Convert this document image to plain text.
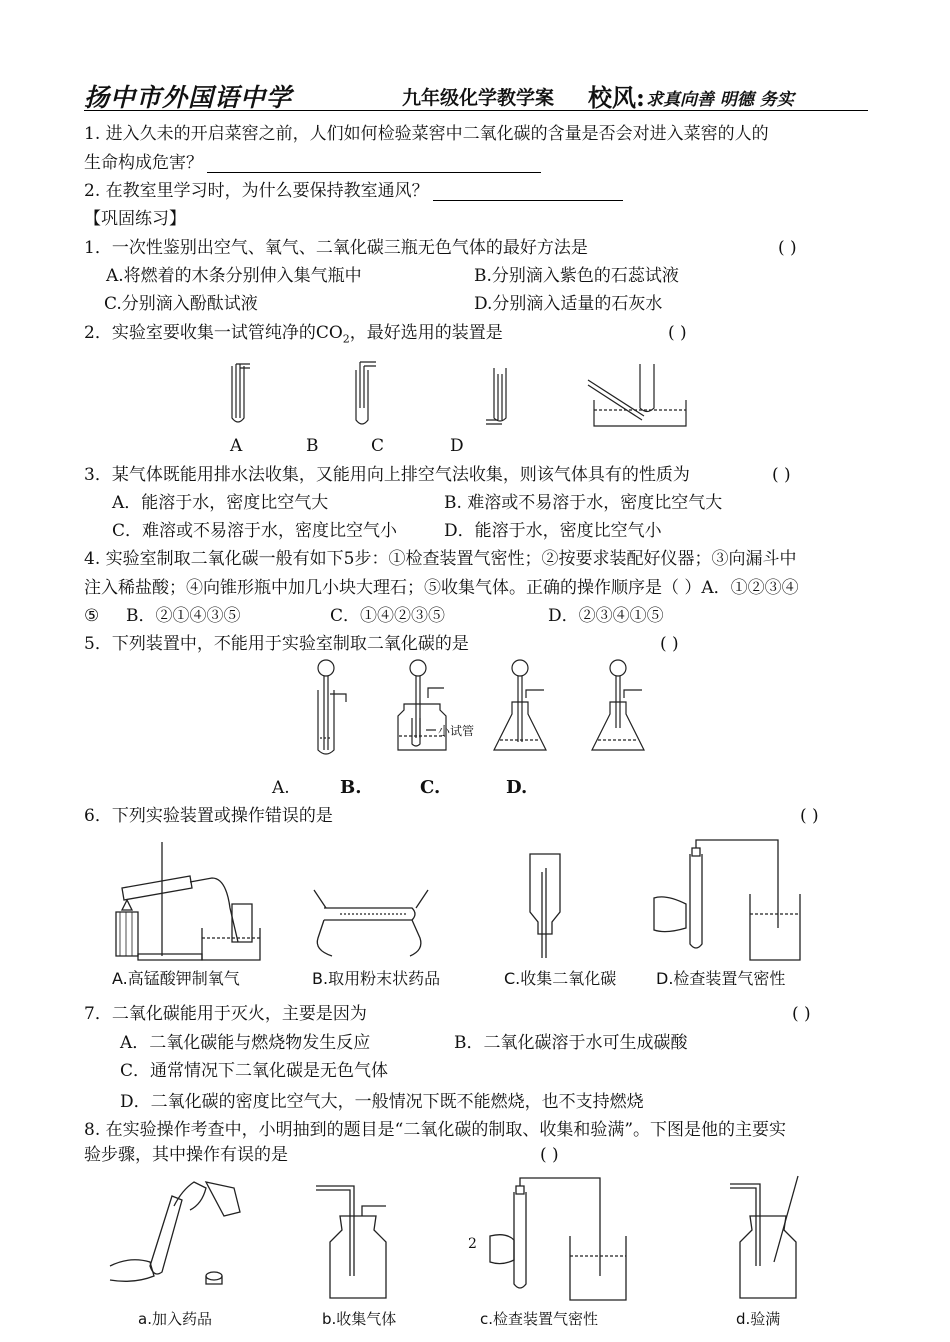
扬中市外国语中学	九年级化学教学案 校风: 求真向善 明德 务实
1. 进入久未的开启菜窖之前，人们如何检验菜窖中二氧化碳的含量是否会对进入菜窖的人的
生命构成危害？
2. 在教室里学习时，为什么要保持教室通风？
【巩固练习】
1．一次性鉴别出空气、氧气、二氧化碳三瓶无色气体的最好方法是	( )
A.将燃着的木条分别伸入集气瓶中	B.分别滴入紫色的石蕊试液
C.分别滴入酚酞试液	D.分别滴入适量的石灰水
2．实验室要收集一试管纯净的$CO_2$，最好选用的装置是	( )
A	B	C	D
3．某气体既能用排水法收集，又能用向上排空气法收集，则该气体具有的性质为	( )
A．能溶于水，密度比空气大	B. 难溶或不易溶于水，密度比空气大
C．难溶或不易溶于水，密度比空气小	D．能溶于水，密度比空气小
4. 实验室制取二氧化碳一般有如下5步：①检查装置气密性；②按要求装配好仪器；③向漏斗中
注入稀盐酸；④向锥形瓶中加几小块大理石；⑤收集气体。正确的操作顺序是（ ）A．①②③④
⑤ B．②①④③⑤	C．①④②③⑤	D．②③④①⑤
5．下列装置中，不能用于实验室制取二氧化碳的是	( )
小试管
A.	B.	C.	D.
6．下列实验装置或操作错误的是	( )
A.高锰酸钾制氧气	B.取用粉末状药品	C.收集二氧化碳 D.检查装置气密性
7．二氧化碳能用于灭火，主要是因为	( )
A．二氧化碳能与燃烧物发生反应	B．二氧化碳溶于水可生成碳酸
C．通常情况下二氧化碳是无色气体
D．二氧化碳的密度比空气大，一般情况下既不能燃烧，也不支持燃烧
8. 在实验操作考查中，小明抽到的题目是“二氧化碳的制取、收集和验满”。下图是他的主要实
验步骤，其中操作有误的是	( )
2
a.加入药品	b.收集气体	c.检查装置气密性	d.验满
